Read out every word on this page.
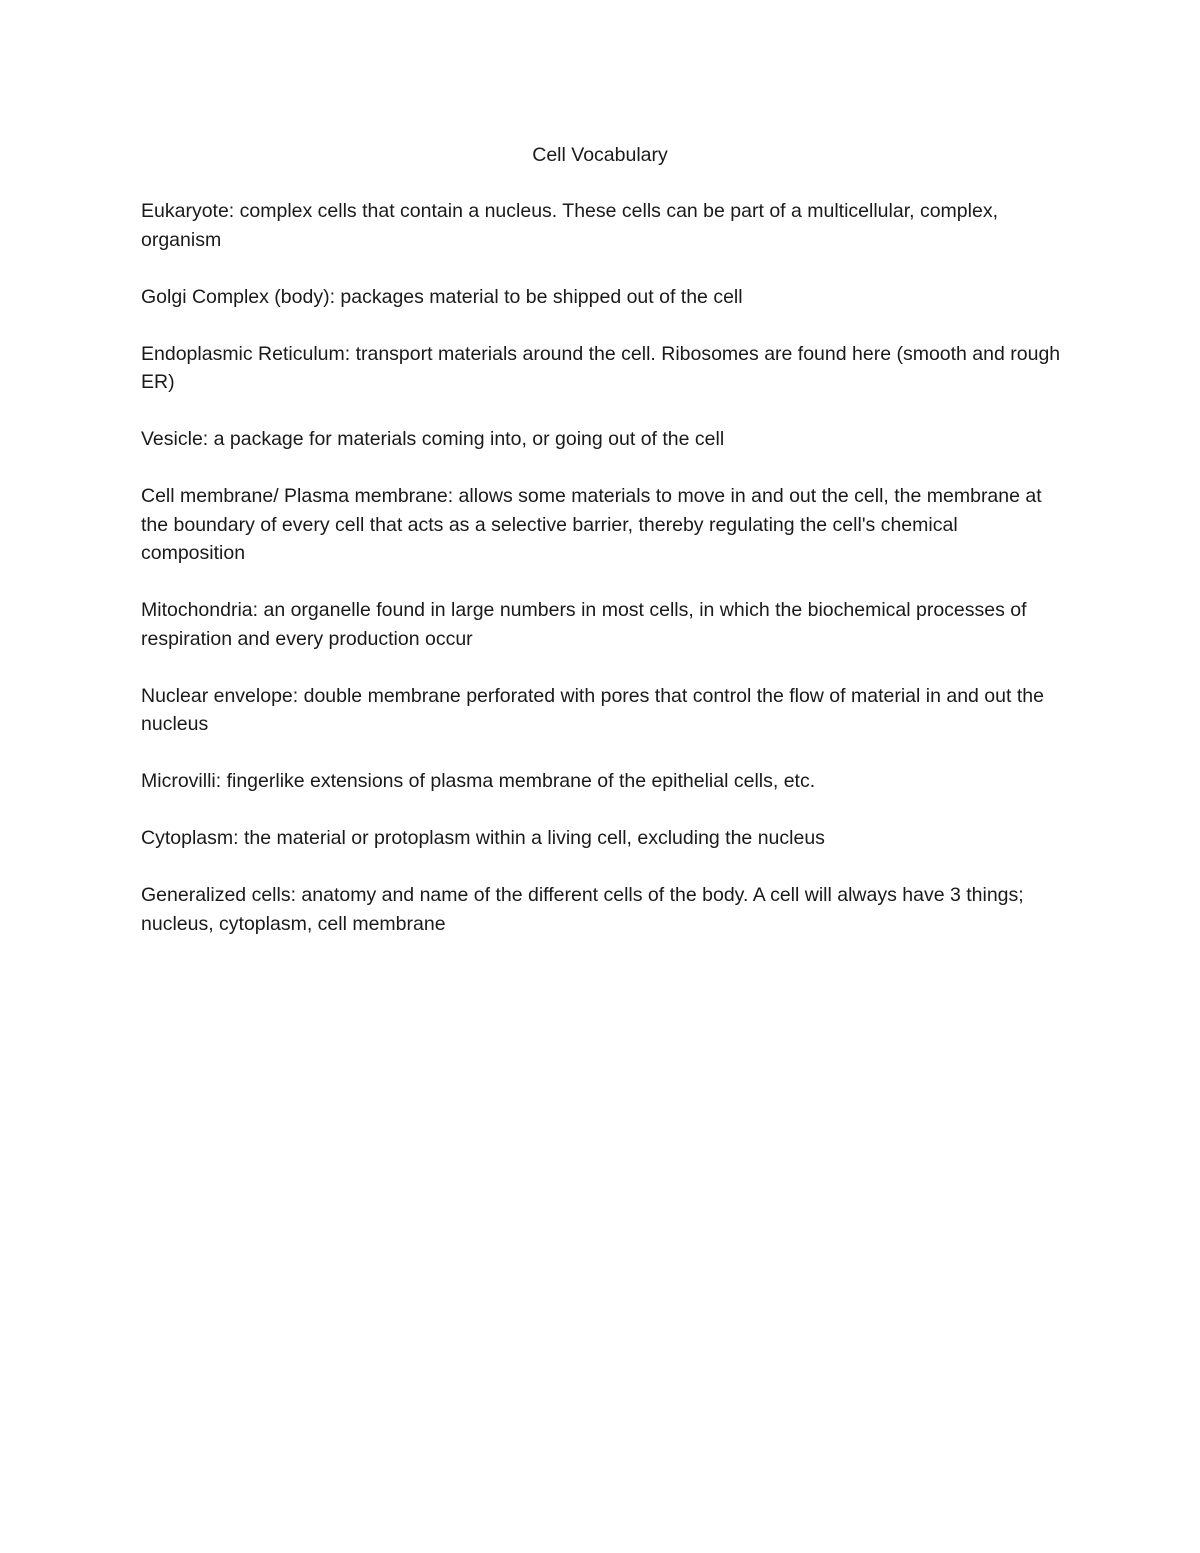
Cell Vocabulary
Eukaryote: complex cells that contain a nucleus. These cells can be part of a multicellular, complex, organism
Golgi Complex (body): packages material to be shipped out of the cell
Endoplasmic Reticulum: transport materials around the cell. Ribosomes are found here (smooth and rough ER)
Vesicle: a package for materials coming into, or going out of the cell
Cell membrane/ Plasma membrane: allows some materials to move in and out the cell, the membrane at the boundary of every cell that acts as a selective barrier, thereby regulating the cell's chemical composition
Mitochondria: an organelle found in large numbers in most cells, in which the biochemical processes of respiration and every production occur
Nuclear envelope: double membrane perforated with pores that control the flow of material in and out the nucleus
Microvilli: fingerlike extensions of plasma membrane of the epithelial cells, etc.
Cytoplasm: the material or protoplasm within a living cell, excluding the nucleus
Generalized cells: anatomy and name of the different cells of the body. A cell will always have 3 things; nucleus, cytoplasm, cell membrane
